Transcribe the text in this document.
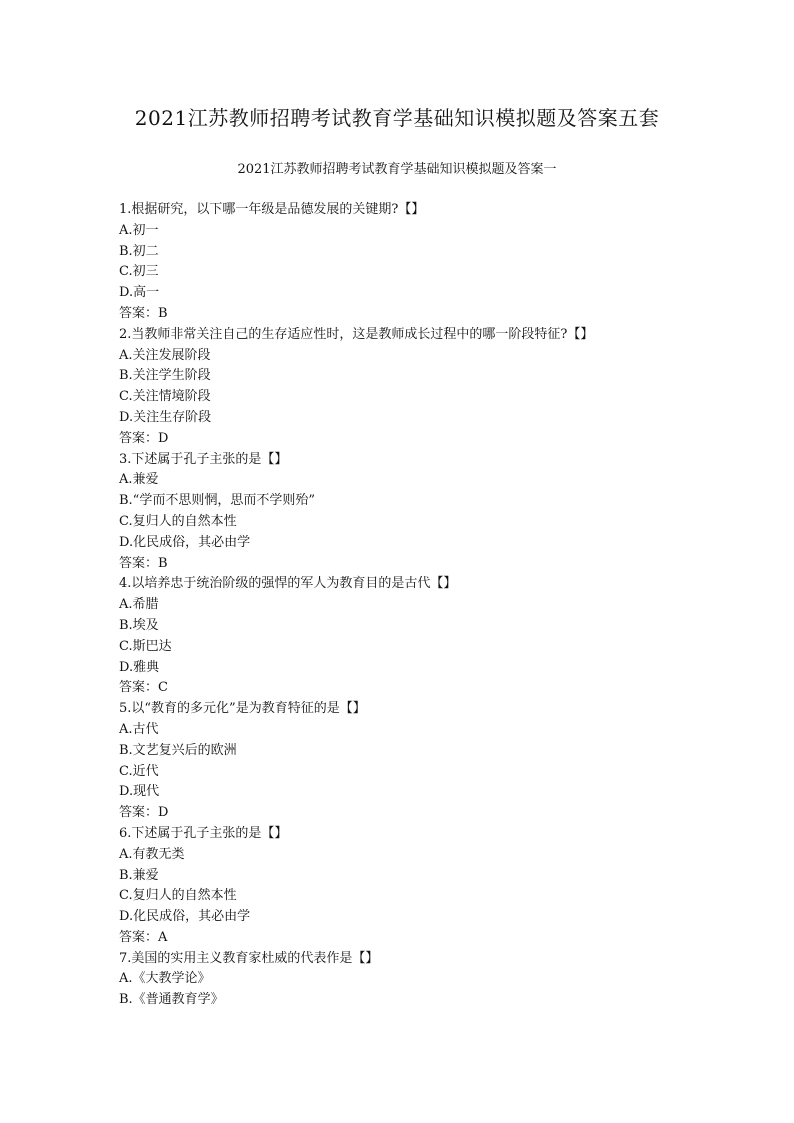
2021江苏教师招聘考试教育学基础知识模拟题及答案五套
2021江苏教师招聘考试教育学基础知识模拟题及答案一
1.根据研究，以下哪一年级是品德发展的关键期?【】
A.初一
B.初二
C.初三
D.高一
答案：B
2.当教师非常关注自己的生存适应性时，这是教师成长过程中的哪一阶段特征?【】
A.关注发展阶段
B.关注学生阶段
C.关注情境阶段
D.关注生存阶段
答案：D
3.下述属于孔子主张的是【】
A.兼爱
B.“学而不思则惘，思而不学则殆”
C.复归人的自然本性
D.化民成俗，其必由学
答案：B
4.以培养忠于统治阶级的强悍的军人为教育目的是古代【】
A.希腊
B.埃及
C.斯巴达
D.雅典
答案：C
5.以“教育的多元化”是为教育特征的是【】
A.古代
B.文艺复兴后的欧洲
C.近代
D.现代
答案：D
6.下述属于孔子主张的是【】
A.有教无类
B.兼爱
C.复归人的自然本性
D.化民成俗，其必由学
答案：A
7.美国的实用主义教育家杜威的代表作是【】
A.《大教学论》
B.《普通教育学》
